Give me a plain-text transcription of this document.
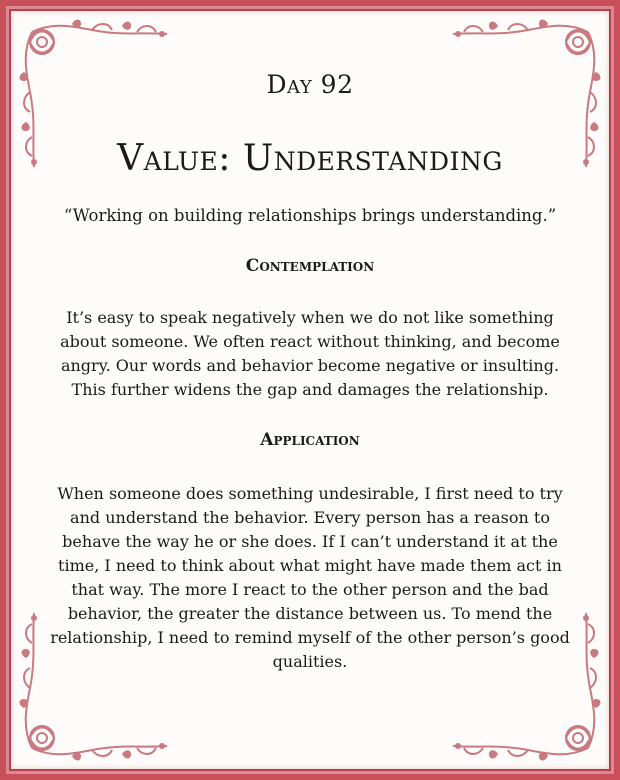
Day 92
Value: Understanding
“Working on building relationships brings understanding.”
Contemplation
It’s easy to speak negatively when we do not like something about someone. We often react without thinking, and become angry. Our words and behavior become negative or insulting. This further widens the gap and damages the relationship.
Application
When someone does something undesirable, I first need to try and understand the behavior. Every person has a reason to behave the way he or she does. If I can’t understand it at the time, I need to think about what might have made them act in that way. The more I react to the other person and the bad behavior, the greater the distance between us. To mend the relationship, I need to remind myself of the other person’s good qualities.
